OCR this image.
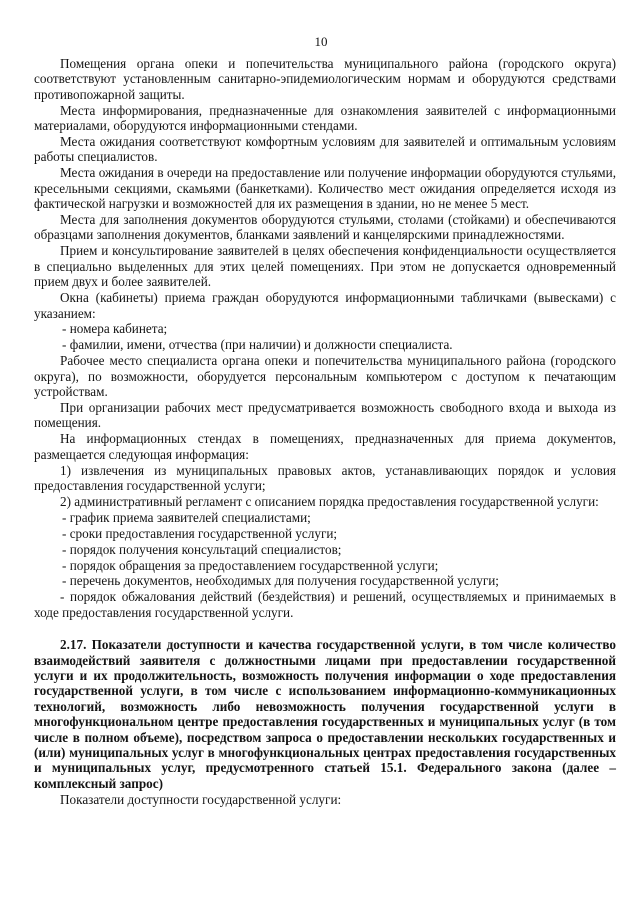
10

Помещения органа опеки и попечительства муниципального района (городского округа) соответствуют установленным санитарно-эпидемиологическим нормам и оборудуются средствами противопожарной защиты.

Места информирования, предназначенные для ознакомления заявителей с информационными материалами, оборудуются информационными стендами.

Места ожидания соответствуют комфортным условиям для заявителей и оптимальным условиям работы специалистов.

Места ожидания в очереди на предоставление или получение информации оборудуются стульями, кресельными секциями, скамьями (банкетками). Количество мест ожидания определяется исходя из фактической нагрузки и возможностей для их размещения в здании, но не менее 5 мест.

Места для заполнения документов оборудуются стульями, столами (стойками) и обеспечиваются образцами заполнения документов, бланками заявлений и канцелярскими принадлежностями.

Прием и консультирование заявителей в целях обеспечения конфиденциальности осуществляется в специально выделенных для этих целей помещениях. При этом не допускается одновременный прием двух и более заявителей.

Окна (кабинеты) приема граждан оборудуются информационными табличками (вывесками) с указанием:

- номера кабинета;

- фамилии, имени, отчества (при наличии) и должности специалиста.

Рабочее место специалиста органа опеки и попечительства муниципального района (городского округа), по возможности, оборудуется персональным компьютером с доступом к печатающим устройствам.

При организации рабочих мест предусматривается возможность свободного входа и выхода из помещения.

На информационных стендах в помещениях, предназначенных для приема документов, размещается следующая информация:

1) извлечения из муниципальных правовых актов, устанавливающих порядок и условия предоставления государственной услуги;

2) административный регламент с описанием порядка предоставления государственной услуги:

- график приема заявителей специалистами;

- сроки предоставления государственной услуги;

- порядок получения консультаций специалистов;

- порядок обращения за предоставлением государственной услуги;

- перечень документов, необходимых для получения государственной услуги;

- порядок обжалования действий (бездействия) и решений, осуществляемых и принимаемых в ходе предоставления государственной услуги.

2.17. Показатели доступности и качества государственной услуги, в том числе количество взаимодействий заявителя с должностными лицами при предоставлении государственной услуги и их продолжительность, возможность получения информации о ходе предоставления государственной услуги, в том числе с использованием информационно-коммуникационных технологий, возможность либо невозможность получения государственной услуги в многофункциональном центре предоставления государственных и муниципальных услуг (в том числе в полном объеме), посредством запроса о предоставлении нескольких государственных и (или) муниципальных услуг в многофункциональных центрах предоставления государственных и муниципальных услуг, предусмотренного статьей 15.1. Федерального закона (далее – комплексный запрос)

Показатели доступности государственной услуги:
